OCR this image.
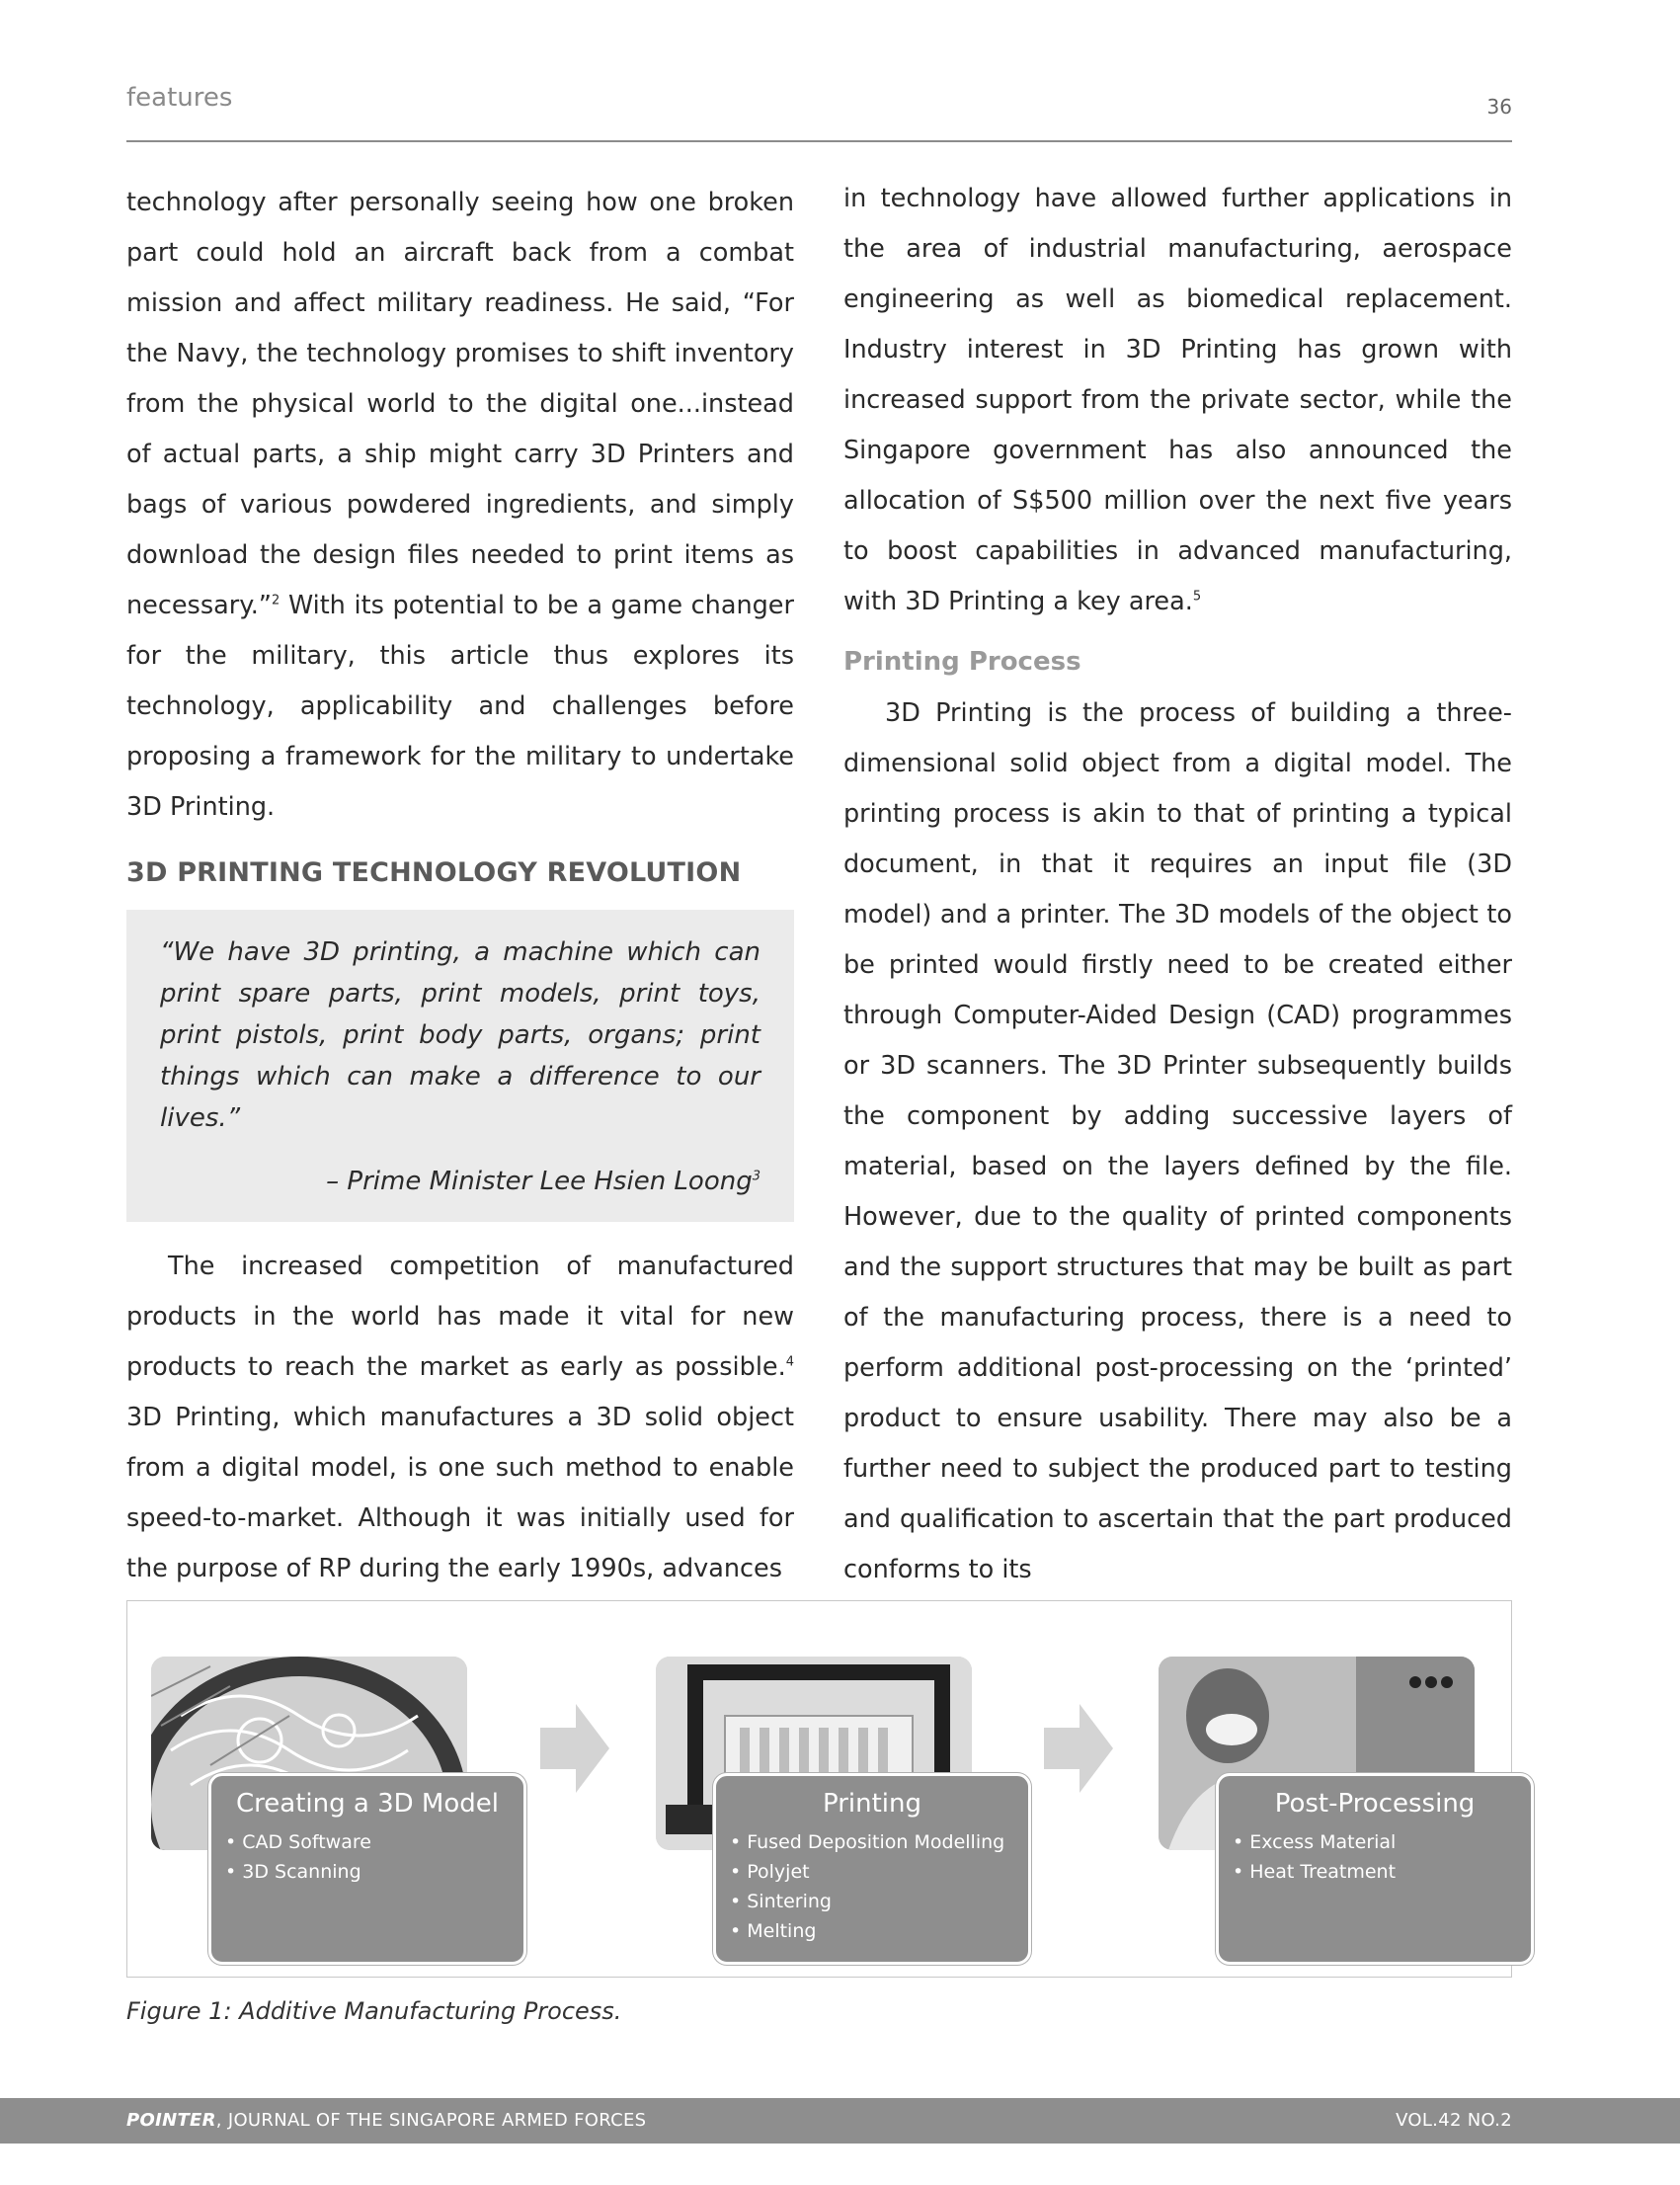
features	36

technology after personally seeing how one broken part could hold an aircraft back from a combat mission and affect military readiness. He said, “For the Navy, the technology promises to shift inventory from the physical world to the digital one...instead of actual parts, a ship might carry 3D Printers and bags of various powdered ingredients, and simply download the design files needed to print items as necessary.”$^2$ With its potential to be a game changer for the military, this article thus explores its technology, applicability and challenges before proposing a framework for the military to undertake 3D Printing.

3D PRINTING TECHNOLOGY REVOLUTION

“We have 3D printing, a machine which can print spare parts, print models, print toys, print pistols, print body parts, organs; print things which can make a difference to our lives.”

– Prime Minister Lee Hsien Loong$^3$

The increased competition of manufactured products in the world has made it vital for new products to reach the market as early as possible.$^4$ 3D Printing, which manufactures a 3D solid object from a digital model, is one such method to enable speed-to-market. Although it was initially used for the purpose of RP during the early 1990s, advances

in technology have allowed further applications in the area of industrial manufacturing, aerospace engineering as well as biomedical replacement. Industry interest in 3D Printing has grown with increased support from the private sector, while the Singapore government has also announced the allocation of S$500 million over the next five years to boost capabilities in advanced manufacturing, with 3D Printing a key area.$^5$

Printing Process

3D Printing is the process of building a three-dimensional solid object from a digital model. The printing process is akin to that of printing a typical document, in that it requires an input file (3D model) and a printer. The 3D models of the object to be printed would firstly need to be created either through Computer-Aided Design (CAD) programmes or 3D scanners. The 3D Printer subsequently builds the component by adding successive layers of material, based on the layers defined by the file. However, due to the quality of printed components and the support structures that may be built as part of the manufacturing process, there is a need to perform additional post-processing on the ‘printed’ product to ensure usability. There may also be a further need to subject the produced part to testing and qualification to ascertain that the part produced conforms to its

Creating a 3D Model
• CAD Software
• 3D Scanning
Printing
• Fused Deposition Modelling
• Polyjet
• Sintering
• Melting
Post-Processing
• Excess Material
• Heat Treatment
Figure 1: Additive Manufacturing Process.
POINTER, JOURNAL OF THE SINGAPORE ARMED FORCES	VOL.42 NO.2
